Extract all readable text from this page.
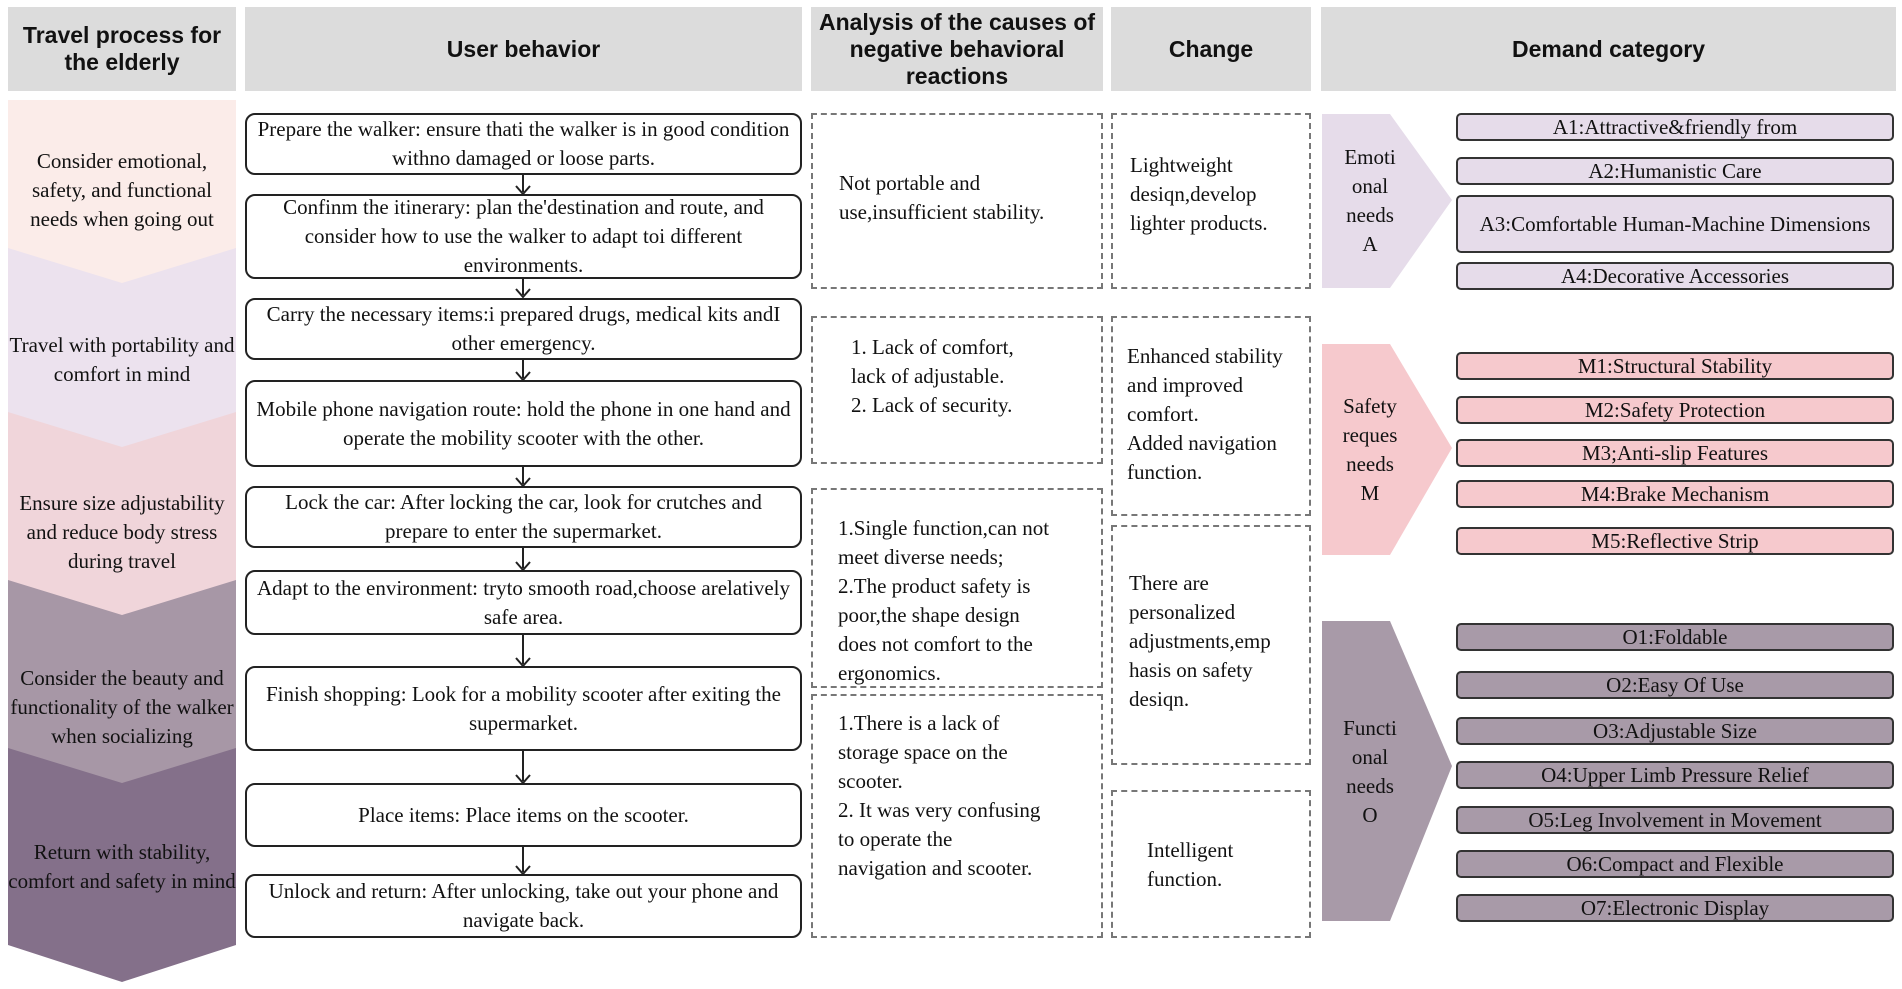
Travel process for the elderly
User behavior
Analysis of the causes of negative behavioral reactions
Change	Demand category
Consider emotional, safety, and functional needs when going out
Travel with portability and comfort in mind
Ensure size adjustability and reduce body stress during travel
Consider the beauty and functionality of the walker when socializing
Return with stability, comfort and safety in mind
Prepare the walker: ensure thati the walker is in good condition withno damaged or loose parts.
Confinm the itinerary: plan the'destination and route, and consider how to use the walker to adapt toi different environments.
Carry the necessary items:i prepared drugs, medical kits andI other emergency.
Mobile phone navigation route: hold the phone in one hand and operate the mobility scooter with the other.
Lock the car: After locking the car, look for crutches and prepare to enter the supermarket.
Adapt to the environment: tryto smooth road,choose arelatively safe area.
Finish shopping: Look for a mobility scooter after exiting the supermarket.
Place items: Place items on the scooter.
Unlock and return: After unlocking, take out your phone and navigate back.
Not portable and
use,insufficient stability.
1. Lack of comfort,
lack of adjustable.
2. Lack of security.
1.Single function,can not
meet diverse needs;
2.The product safety is
poor,the shape design
does not comfort to the
ergonomics.
1.There is a lack of
storage space on the
scooter.
2. It was very confusing
to operate the
navigation and scooter.
Lightweight
desiqn,develop
lighter products.
Enhanced stability
and improved
comfort.
Added navigation
function.
There are
personalized
adjustments,emp
hasis on safety
desiqn.
Intelligent
function.
Emoti
onal
needs
A
Safety
reques
needs
M
Functi
onal
needs
O
A1:Attractive&friendly from
A2:Humanistic Care
A3:Comfortable Human-Machine Dimensions
A4:Decorative Accessories
M1:Structural Stability
M2:Safety Protection
M3;Anti-slip Features
M4:Brake Mechanism
M5:Reflective Strip
O1:Foldable
O2:Easy Of Use
O3:Adjustable Size
O4:Upper Limb Pressure Relief
O5:Leg Involvement in Movement
O6:Compact and Flexible
O7:Electronic Display
